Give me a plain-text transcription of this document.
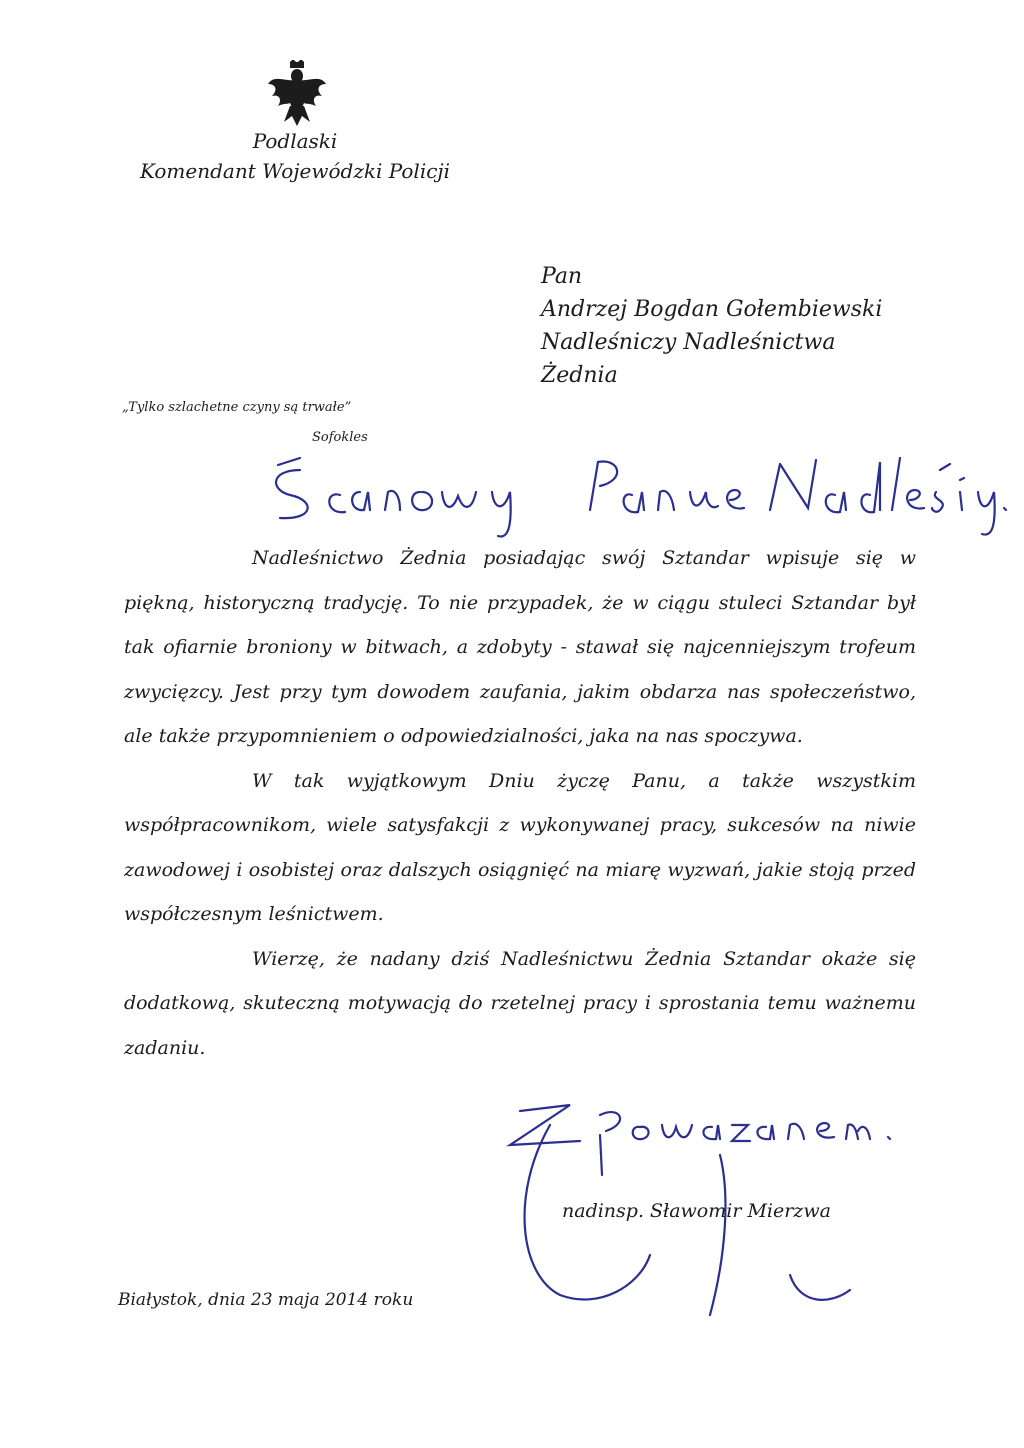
Podlaski
Komendant Wojewódzki Policji
Pan
Andrzej Bogdan Gołembiewski
Nadleśniczy Nadleśnictwa
Żednia
„Tylko szlachetne czyny są trwałe”
Sofokles

Nadleśnictwo Żednia posiadając swój Sztandar wpisuje się w piękną, historyczną tradycję. To nie przypadek, że w ciągu stuleci Sztandar był tak ofiarnie broniony w bitwach, a zdobyty - stawał się najcenniejszym trofeum zwycięzcy. Jest przy tym dowodem zaufania, jakim obdarza nas społeczeństwo, ale także przypomnieniem o odpowiedzialności, jaka na nas spoczywa.

W tak wyjątkowym Dniu życzę Panu, a także wszystkim współpracownikom, wiele satysfakcji z wykonywanej pracy, sukcesów na niwie zawodowej i osobistej oraz dalszych osiągnięć na miarę wyzwań, jakie stoją przed współczesnym leśnictwem.

Wierzę, że nadany dziś Nadleśnictwu Żednia Sztandar okaże się dodatkową, skuteczną motywacją do rzetelnej pracy i sprostania temu ważnemu zadaniu.

nadinsp. Sławomir Mierzwa
Białystok, dnia 23 maja 2014 roku
